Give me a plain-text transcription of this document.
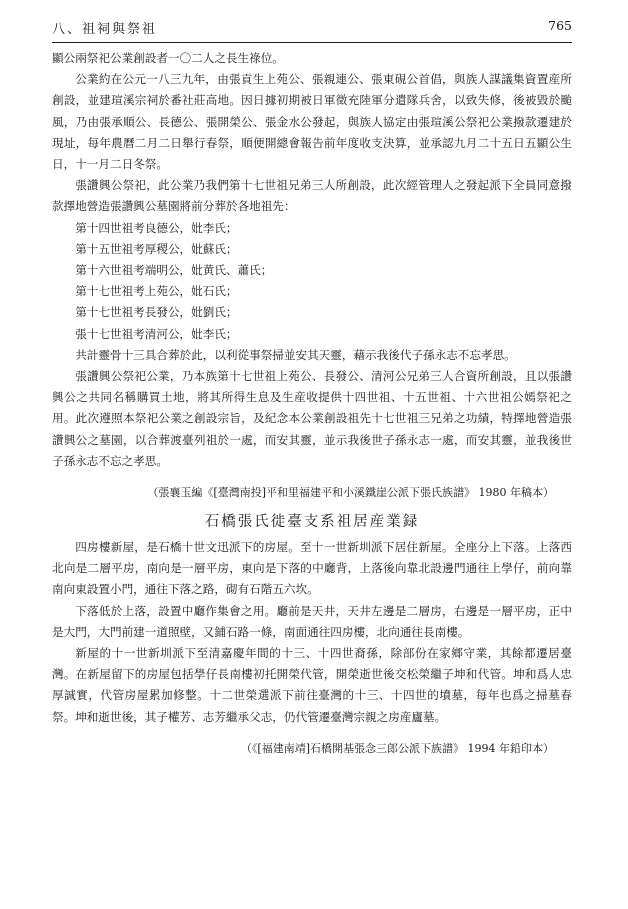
八、祖祠與祭祖	765

顯公兩祭祀公業創設者一〇二人之長生祿位。

公業約在公元一八三九年，由張貢生上苑公、張親連公、張東硯公首倡，與族人謀議集資置産所創設，並建瑄溪宗祠於番社莊高地。因日據初期被日軍徵充陸軍分遣隊兵舍，以致失修，後被毀於颱風，乃由張承順公、長德公、張開榮公、張金水公發起，與族人協定由張瑄溪公祭祀公業撥款遷建於現址，每年農曆二月二日舉行春祭，順便開總會報告前年度收支決算，並承認九月二十五日五顯公生日，十一月二日冬祭。

張讚興公祭祀，此公業乃我們第十七世祖兄弟三人所創設，此次經管理人之發起派下全員同意撥款擇地營造張讚興公墓園將前分葬於各地祖先：

第十四世祖考良德公，妣李氏；

第十五世祖考厚稷公，妣蘇氏；

第十六世祖考端明公，妣黄氏、蕭氏；

第十七世祖考上苑公，妣石氏；

第十七世祖考長發公，妣劉氏；

張十七世祖考清河公，妣李氏；

共計靈骨十三具合葬於此，以利從事祭掃並安其天靈，藉示我後代子孫永志不忘孝思。

張讚興公祭祀公業，乃本族第十七世祖上苑公、長發公、清河公兄弟三人合資所創設，且以張讚興公之共同名稱購買土地，將其所得生息及生産收提供十四世祖、十五世祖、十六世祖公嫣祭祀之用。此次遵照本祭祀公業之創設宗旨，及紀念本公業創設祖先十七世祖三兄弟之功績，特擇地營造張讚興公之墓園，以合葬渡臺列祖於一處，而安其靈，並示我後世子孫永志一處，而安其靈，並我後世子孫永志不忘之孝思。

（張襄玉編《[臺灣南投]平和里福建平和小溪鐵崖公派下張氏族譜》 1980 年稿本）
石橋張氏徙臺支系祖居産業録

四房樓新屋，是石橋十世文迅派下的房屋。至十一世新圳派下居住新屋。全座分上下落。上落西北向是二層平房，南向是一層平房，東向是下落的中廳背，上落後向靠北設邊門通往上學仔，前向靠南向東設置小門，通往下落之路，砌有石階五六坎。

下落低於上落，設置中廳作集會之用。廳前是天井，天井左邊是二層房，右邊是一層平房，正中是大門，大門前建一道照壁，又鋪石路一條，南面通往四房樓，北向通往長南樓。

新屋的十一世新圳派下至清嘉慶年間的十三、十四世裔孫，除部份在家鄉守業，其餘都遷居臺灣。在新屋留下的房屋包括學仔長南樓初托開榮代管，開榮逝世後交松榮繼子坤和代管。坤和爲人忠厚誠實，代管房屋累加修整。十二世榮選派下前往臺灣的十三、十四世的墳墓，每年也爲之掃墓春祭。坤和逝世後，其子權芳、志芳繼承父志，仍代管遷臺灣宗親之房産廬墓。

（《[福建南靖]石橋開基張念三郎公派下族譜》 1994 年鉛印本）
